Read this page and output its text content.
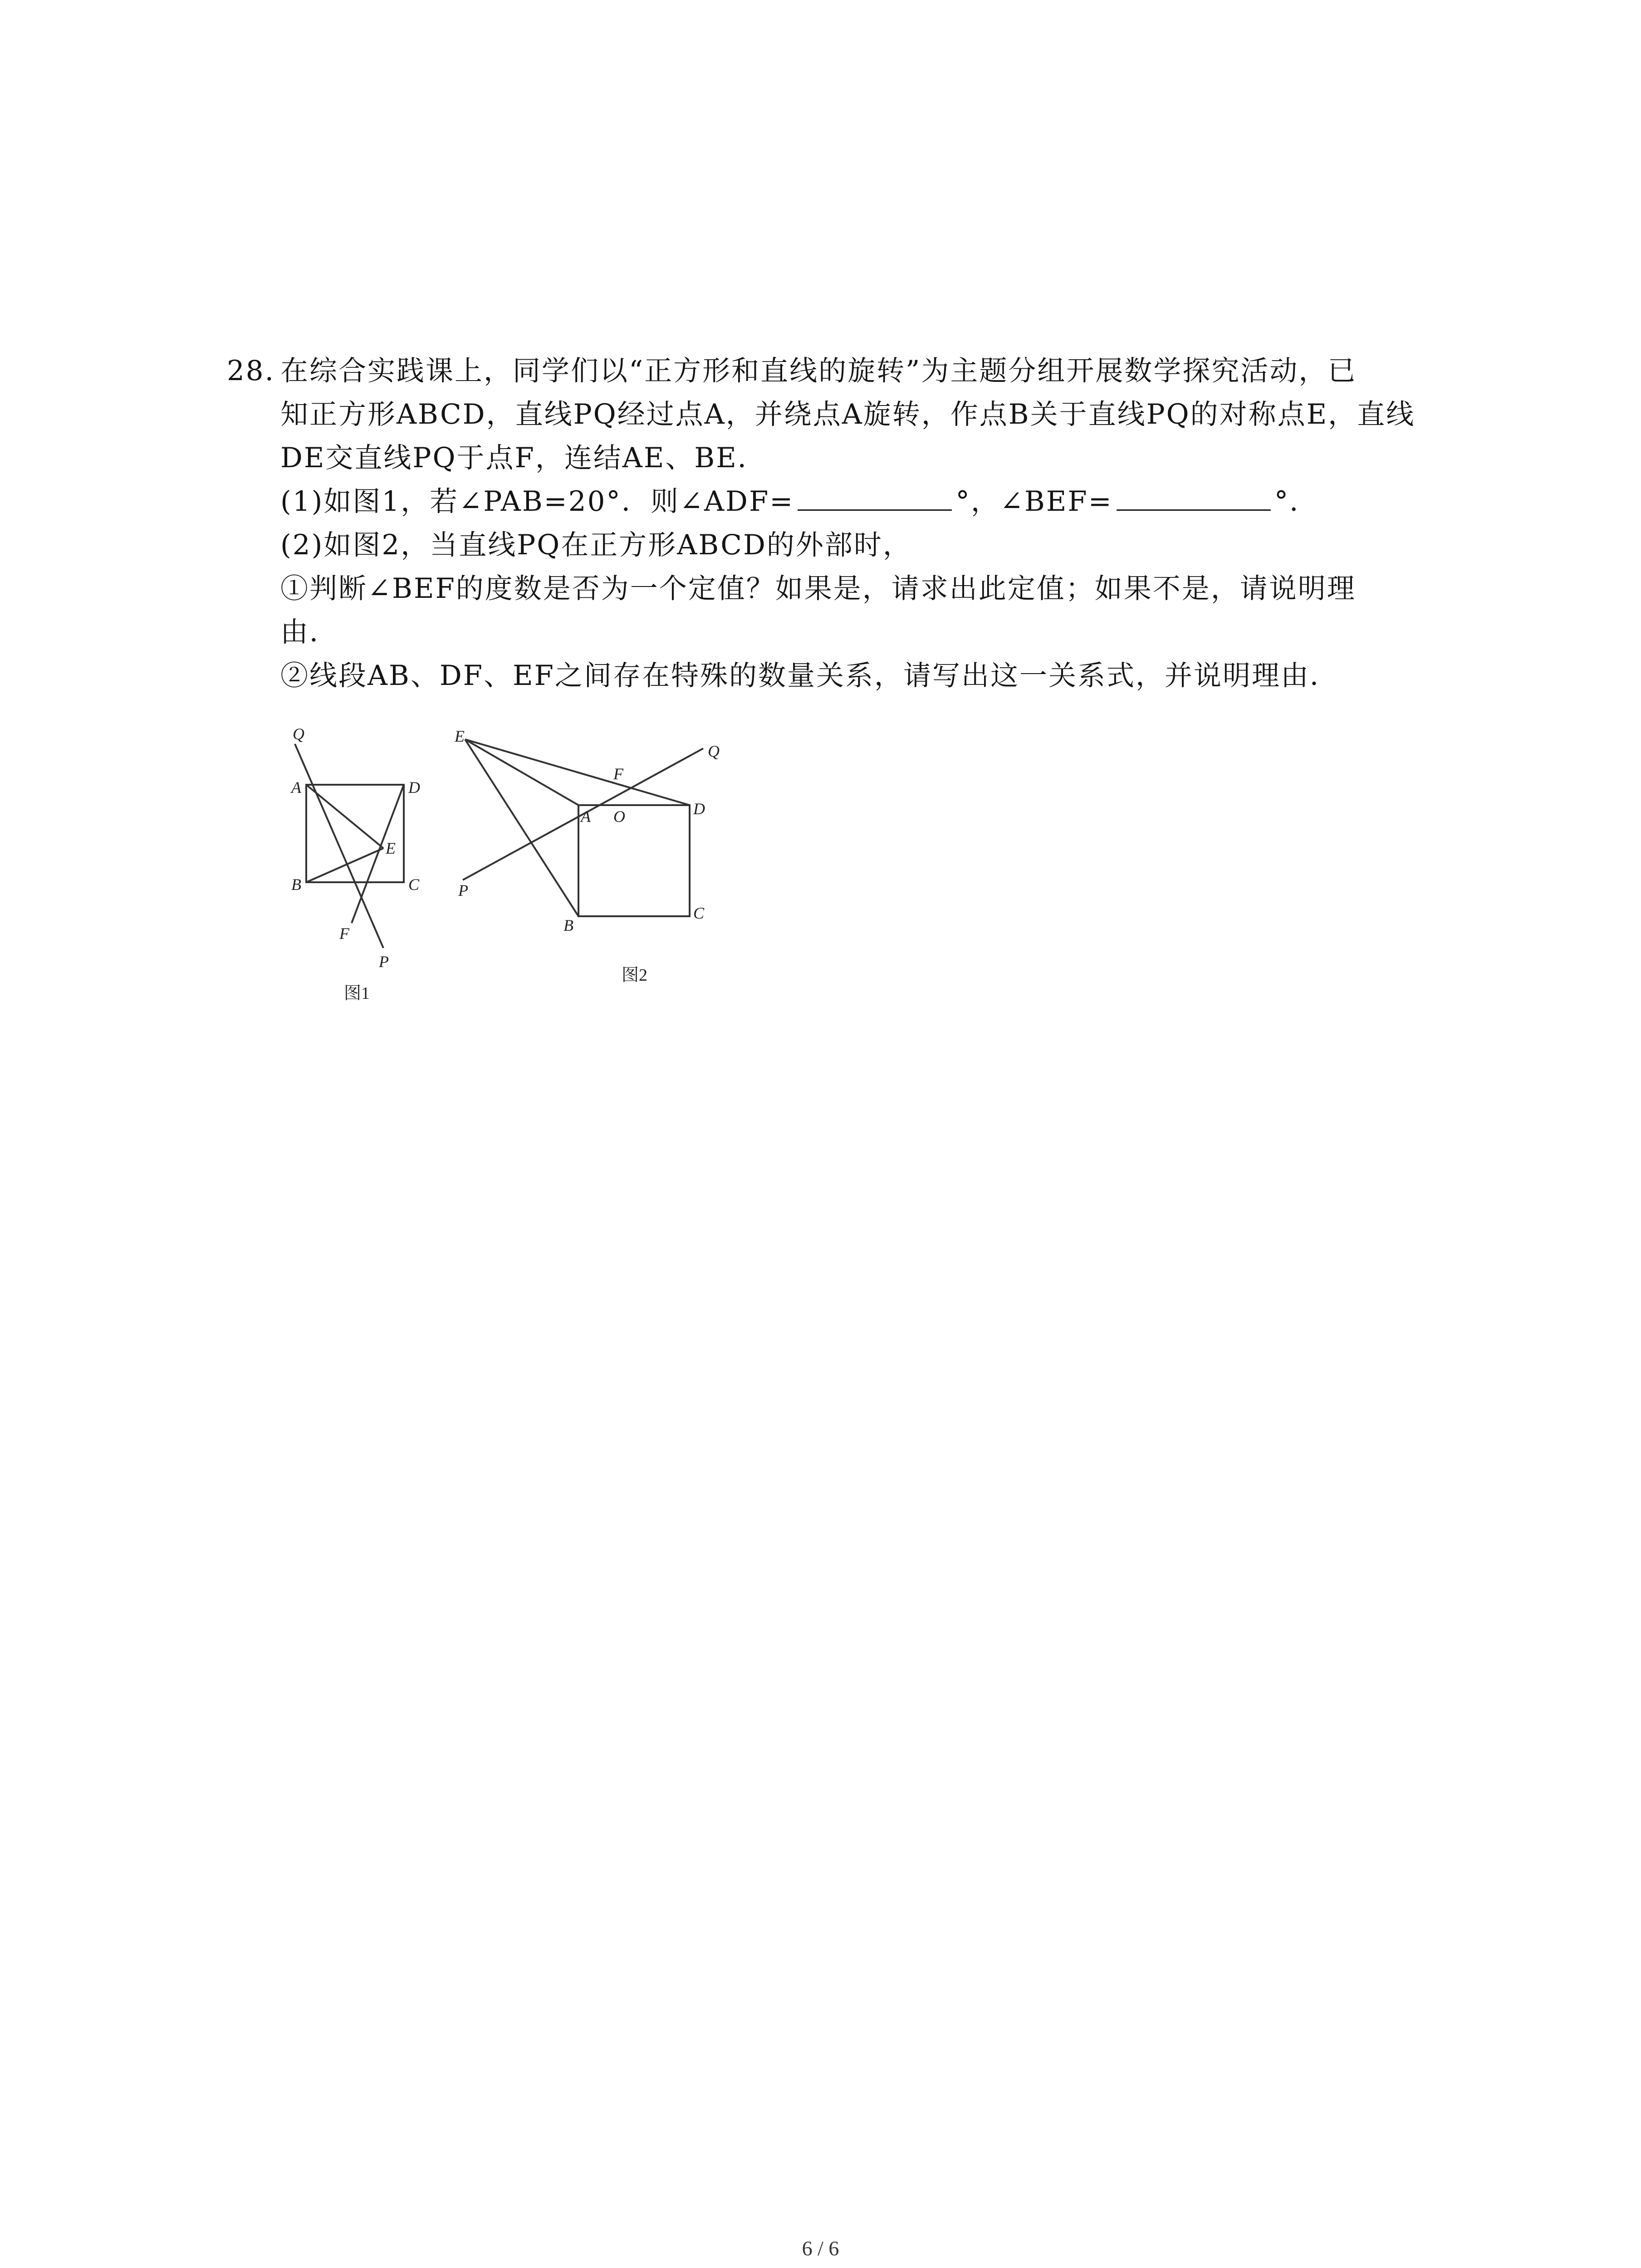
28. 在综合实践课上，同学们以“正方形和直线的旋转”为主题分组开展数学探究活动，已
知正方形ABCD，直线PQ经过点A，并绕点A旋转，作点B关于直线PQ的对称点E，直线
DE交直线PQ于点F，连结AE、BE．
(1)如图1，若∠PAB=20°．则∠ADF=	°，∠BEF=	°．
(2)如图2，当直线PQ在正方形ABCD的外部时，
①判断∠BEF的度数是否为一个定值？如果是，请求出此定值；如果不是，请说明理
由．
②线段AB、DF、EF之间存在特殊的数量关系，请写出这一关系式，并说明理由．
Q
A	D
E
B	C
F
P
图1
E
F
Q
A O	D
P
B
C
图2
6 / 6
